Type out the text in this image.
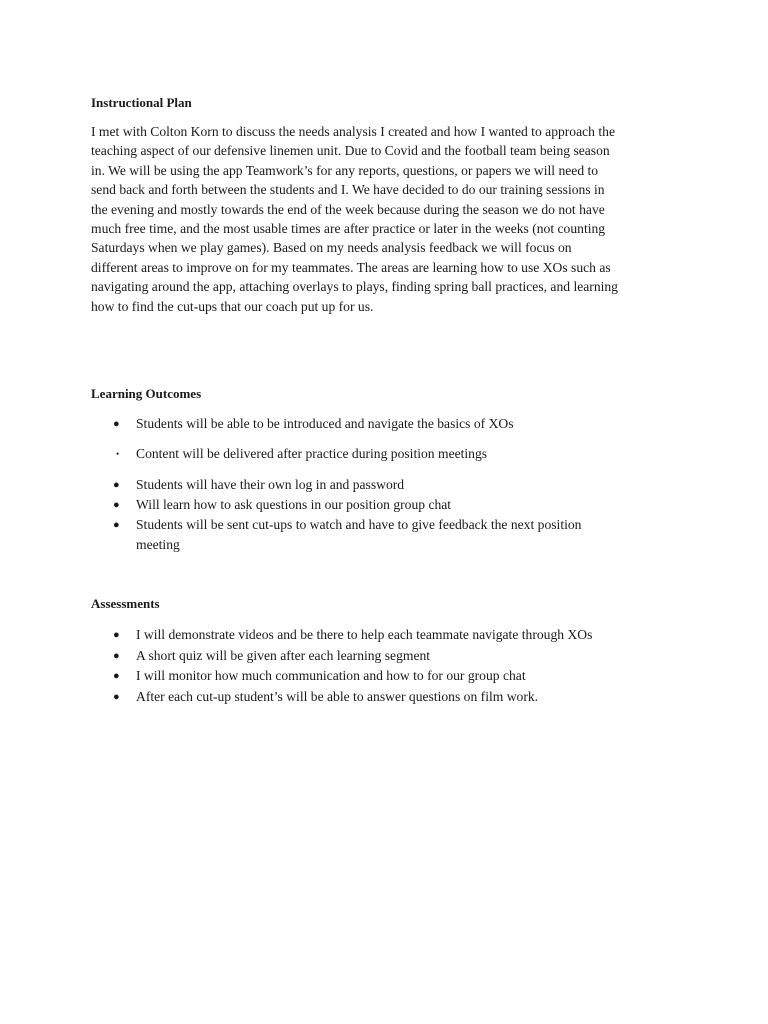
Instructional Plan
I met with Colton Korn to discuss the needs analysis I created and how I wanted to approach the
teaching aspect of our defensive linemen unit. Due to Covid and the football team being season
in. We will be using the app Teamwork’s for any reports, questions, or papers we will need to
send back and forth between the students and I. We have decided to do our training sessions in
the evening and mostly towards the end of the week because during the season we do not have
much free time, and the most usable times are after practice or later in the weeks (not counting
Saturdays when we play games). Based on my needs analysis feedback we will focus on
different areas to improve on for my teammates. The areas are learning how to use XOs such as
navigating around the app, attaching overlays to plays, finding spring ball practices, and learning
how to find the cut-ups that our coach put up for us.
Learning Outcomes
● Students will be able to be introduced and navigate the basics of XOs
• Content will be delivered after practice during position meetings
● Students will have their own log in and password
● Will learn how to ask questions in our position group chat
● Students will be sent cut-ups to watch and have to give feedback the next position
meeting
Assessments
● I will demonstrate videos and be there to help each teammate navigate through XOs
● A short quiz will be given after each learning segment
● I will monitor how much communication and how to for our group chat
● After each cut-up student’s will be able to answer questions on film work.
